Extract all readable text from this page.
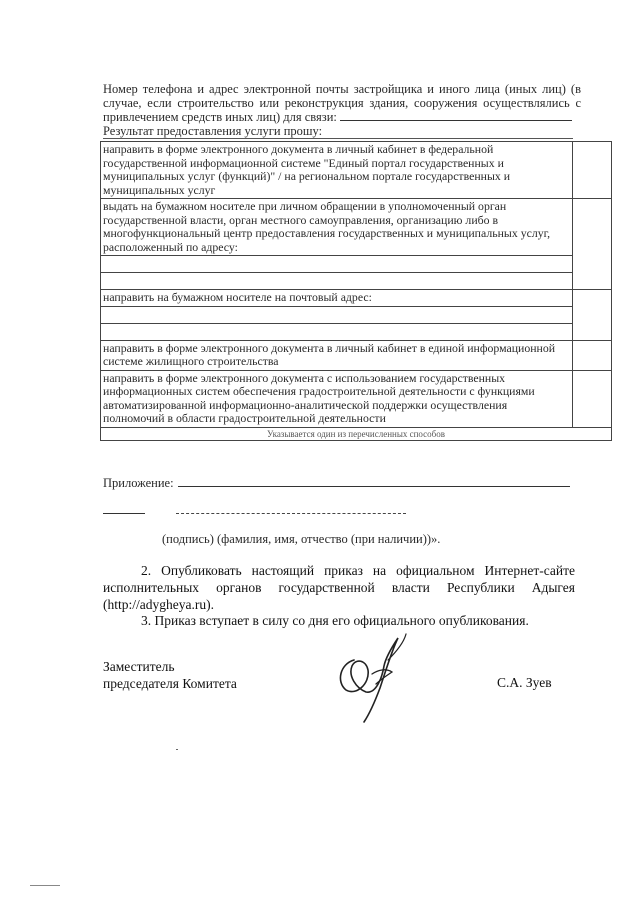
Номер телефона и адрес электронной почты застройщика и иного лица (иных лиц) (в случае, если строительство или реконструкция здания, сооружения осуществлялись с привлечением средств иных лиц) для связи:
Результат предоставления услуги прошу:
направить в форме электронного документа в личный кабинет в федеральной государственной информационной системе "Единый портал государственных и муниципальных услуг (функций)" / на региональном портале государственных и муниципальных услуг	
выдать на бумажном носителе при личном обращении в уполномоченный орган государственной власти, орган местного самоуправления, организацию либо в многофункциональный центр предоставления государственных и муниципальных услуг, расположенный по адресу:	

направить на бумажном носителе на почтовый адрес:	

направить в форме электронного документа в личный кабинет в единой информационной системе жилищного строительства	
направить в форме электронного документа с использованием государственных информационных систем обеспечения градостроительной деятельности с функциями автоматизированной информационно-аналитической поддержки осуществления полномочий в области градостроительной деятельности	
Указывается один из перечисленных способов	
Приложение:
(подпись) (фамилия, имя, отчество (при наличии))».
2. Опубликовать настоящий приказ на официальном Интернет-сайте исполнительных органов государственной власти Республики Адыгея (http://adygheya.ru).
3. Приказ вступает в силу со дня его официального опубликования.
Заместитель
председателя Комитета	С.А. Зуев
